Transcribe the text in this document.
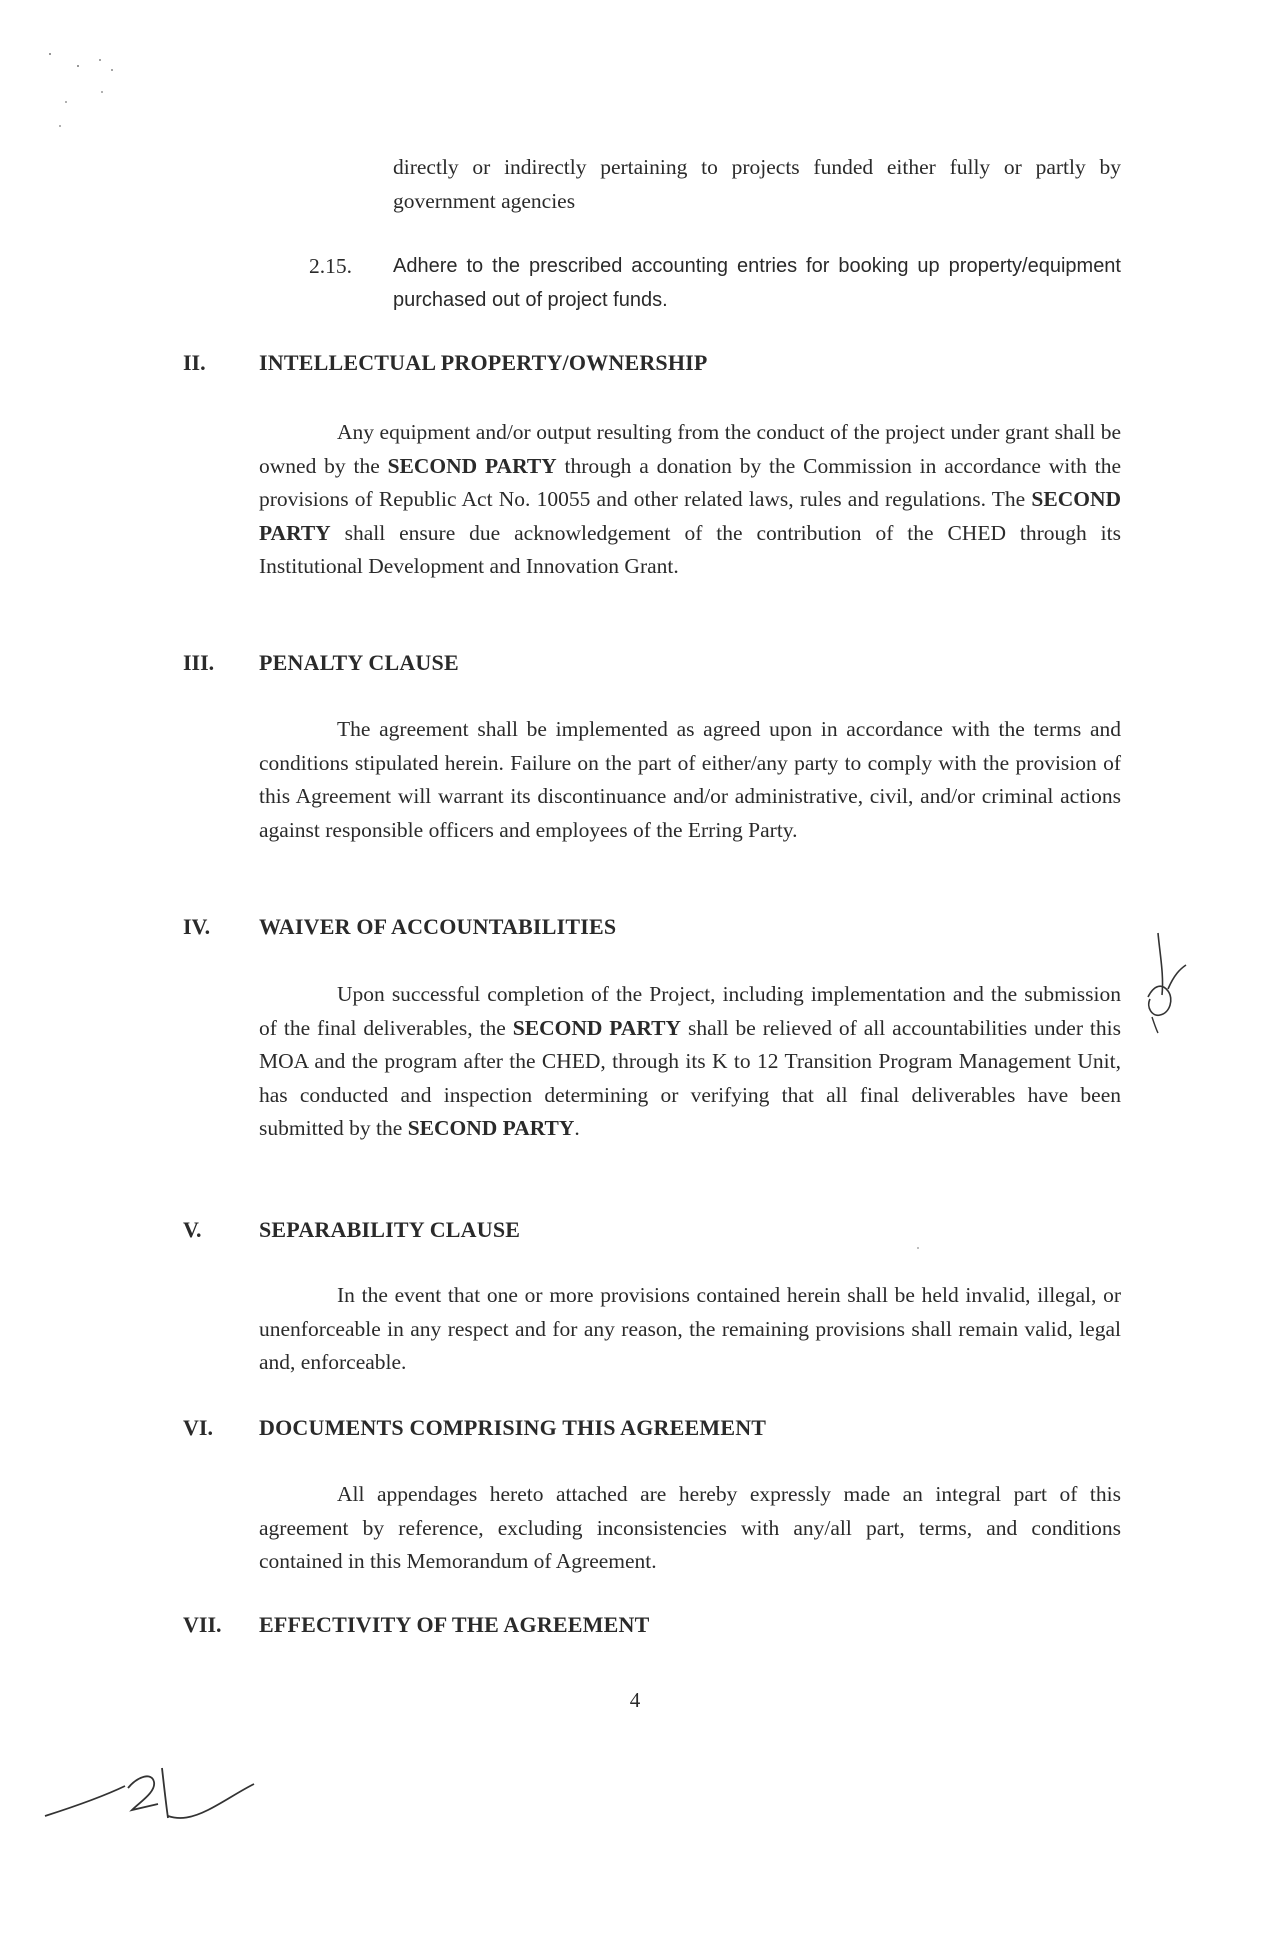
directly or indirectly pertaining to projects funded either fully or partly by government agencies

2.15. Adhere to the prescribed accounting entries for booking up property/equipment purchased out of project funds.

II. INTELLECTUAL PROPERTY/OWNERSHIP

Any equipment and/or output resulting from the conduct of the project under grant shall be owned by the SECOND PARTY through a donation by the Commission in accordance with the provisions of Republic Act No. 10055 and other related laws, rules and regulations. The SECOND PARTY shall ensure due acknowledgement of the contribution of the CHED through its Institutional Development and Innovation Grant.

III. PENALTY CLAUSE

The agreement shall be implemented as agreed upon in accordance with the terms and conditions stipulated herein. Failure on the part of either/any party to comply with the provision of this Agreement will warrant its discontinuance and/or administrative, civil, and/or criminal actions against responsible officers and employees of the Erring Party.

IV. WAIVER OF ACCOUNTABILITIES

Upon successful completion of the Project, including implementation and the submission of the final deliverables, the SECOND PARTY shall be relieved of all accountabilities under this MOA and the program after the CHED, through its K to 12 Transition Program Management Unit, has conducted and inspection determining or verifying that all final deliverables have been submitted by the SECOND PARTY.

V.	SEPARABILITY CLAUSE

In the event that one or more provisions contained herein shall be held invalid, illegal, or unenforceable in any respect and for any reason, the remaining provisions shall remain valid, legal and, enforceable.

VI. DOCUMENTS COMPRISING THIS AGREEMENT

All appendages hereto attached are hereby expressly made an integral part of this agreement by reference, excluding inconsistencies with any/all part, terms, and conditions contained in this Memorandum of Agreement.

VII. EFFECTIVITY OF THE AGREEMENT
4
